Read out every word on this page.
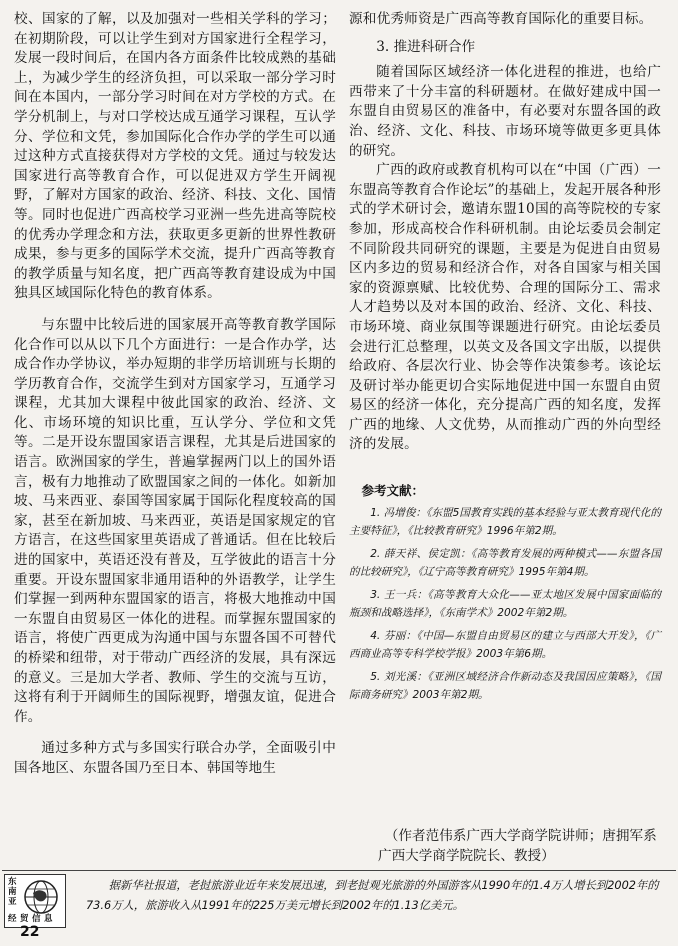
校、国家的了解，以及加强对一些相关学科的学习；在初期阶段，可以让学生到对方国家进行全程学习，发展一段时间后，在国内各方面条件比较成熟的基础上，为减少学生的经济负担，可以采取一部分学习时间在本国内，一部分学习时间在对方学校的方式。在学分机制上，与对口学校达成互通学习课程，互认学分、学位和文凭，参加国际化合作办学的学生可以通过这种方式直接获得对方学校的文凭。通过与较发达国家进行高等教育合作，可以促进双方学生开阔视野，了解对方国家的政治、经济、科技、文化、国情等。同时也促进广西高校学习亚洲一些先进高等院校的优秀办学理念和方法，获取更多更新的世界性教研成果，参与更多的国际学术交流，提升广西高等教育的教学质量与知名度，把广西高等教育建设成为中国独具区域国际化特色的教育体系。

与东盟中比较后进的国家展开高等教育教学国际化合作可以从以下几个方面进行：一是合作办学，达成合作办学协议，举办短期的非学历培训班与长期的学历教育合作，交流学生到对方国家学习，互通学习课程，尤其加大课程中彼此国家的政治、经济、文化、市场环境的知识比重，互认学分、学位和文凭等。二是开设东盟国家语言课程，尤其是后进国家的语言。欧洲国家的学生，普遍掌握两门以上的国外语言，极有力地推动了欧盟国家之间的一体化。如新加坡、马来西亚、泰国等国家属于国际化程度较高的国家，甚至在新加坡、马来西亚，英语是国家规定的官方语言，在这些国家里英语成了普通话。但在比较后进的国家中，英语还没有普及，互学彼此的语言十分重要。开设东盟国家非通用语种的外语教学，让学生们掌握一到两种东盟国家的语言，将极大地推动中国一东盟自由贸易区一体化的进程。而掌握东盟国家的语言，将使广西更成为沟通中国与东盟各国不可替代的桥梁和纽带，对于带动广西经济的发展，具有深远的意义。三是加大学者、教师、学生的交流与互访，这将有利于开阔师生的国际视野，增强友谊，促进合作。

通过多种方式与多国实行联合办学，全面吸引中国各地区、东盟各国乃至日本、韩国等地生

源和优秀师资是广西高等教育国际化的重要目标。

3. 推进科研合作

随着国际区域经济一体化进程的推进，也给广西带来了十分丰富的科研题材。在做好建成中国一东盟自由贸易区的准备中，有必要对东盟各国的政治、经济、文化、科技、市场环境等做更多更具体的研究。

广西的政府或教育机构可以在“中国（广西）一东盟高等教育合作论坛”的基础上，发起开展各种形式的学术研讨会，邀请东盟10国的高等院校的专家参加，形成高校合作科研机制。由论坛委员会制定不同阶段共同研究的课题，主要是为促进自由贸易区内多边的贸易和经济合作，对各自国家与相关国家的资源禀赋、比较优势、合理的国际分工、需求人才趋势以及对本国的政治、经济、文化、科技、市场环境、商业氛围等课题进行研究。由论坛委员会进行汇总整理，以英文及各国文字出版，以提供给政府、各层次行业、协会等作决策参考。该论坛及研讨举办能更切合实际地促进中国一东盟自由贸易区的经济一体化，充分提高广西的知名度，发挥广西的地缘、人文优势，从而推动广西的外向型经济的发展。

参考文献：
1. 冯增俊：《东盟5国教育实践的基本经验与亚太教育现代化的主要特征》，《比较教育研究》1996年第2期。
2. 薛天祥、侯定凯：《高等教育发展的两种模式——东盟各国的比较研究》，《辽宁高等教育研究》1995年第4期。
3. 王一兵：《高等教育大众化——亚太地区发展中国家面临的瓶颈和战略选择》，《东南学术》2002年第2期。
4. 芬丽：《中国—东盟自由贸易区的建立与西部大开发》，《广西商业高等专科学校学报》2003年第6期。
5. 刘光溪：《亚洲区域经济合作新动态及我国因应策略》，《国际商务研究》2003年第2期。
（作者范伟系广西大学商学院讲师；唐拥军系广西大学商学院院长、教授）
东
南
亚
经 贸 信 息
据新华社报道，老挝旅游业近年来发展迅速，到老挝观光旅游的外国游客从1990年的1.4万人增长到2002年的73.6万人，旅游收入从1991年的225万美元增长到2002年的1.13亿美元。
22
